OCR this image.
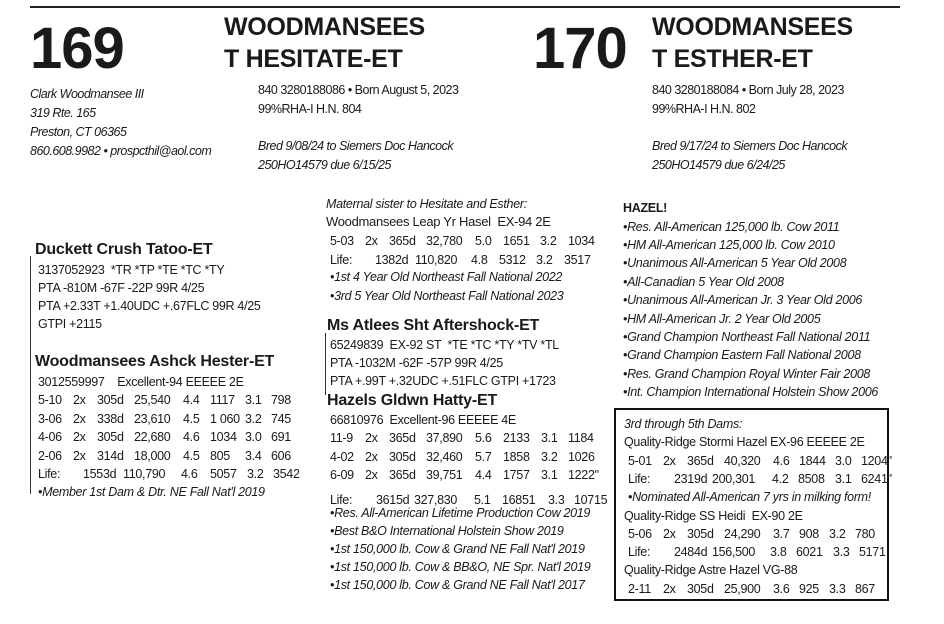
169	WOODMANSEES
T HESITATE-ET
840 3280188086 • Born August 5, 2023
99%RHA-I H.N. 804
Bred 9/08/24 to Siemers Doc Hancock
250HO14579 due 6/15/25
Clark Woodmansee III
319 Rte. 165
Preston, CT 06365
860.608.9982 • prospcthil@aol.com
170 WOODMANSEES
T ESTHER-ET
840 3280188084 • Born July 28, 2023
99%RHA-I H.N. 802
Bred 9/17/24 to Siemers Doc Hancock
250HO14579 due 6/24/25
Duckett Crush Tatoo-ET
3137052923  *TR *TP *TE *TC *TY
PTA -810M -67F -22P 99R 4/25
PTA +2.33T +1.40UDC +.67FLC 99R 4/25
GTPI +2115
Woodmansees Ashck Hester-ET
3012559997    Excellent-94 EEEEE 2E
5-10 2x 305d 25,540	4.4 1117 3.1 798
3-06 2x 338d 23,610	4.5 1 060 3.2 745
4-06 2x 305d 22,680	4.6 1034 3.0 691
2-06 2x 314d 18,000	4.5 805	3.4 606
Life:	1553d 110,790	4.6	5057 3.2 3542
•Member 1st Dam & Dtr. NE Fall Nat'l 2019
Maternal sister to Hesitate and Esther:
Woodmansees Leap Yr Hasel  EX-94 2E
5-03 2x 365d 32,780	5.0 1651 3.2 1034
Life:	1382d 110,820	4.8 5312 3.2 3517
•1st 4 Year Old Northeast Fall National 2022
•3rd 5 Year Old Northeast Fall National 2023
Ms Atlees Sht Aftershock-ET
65249839  EX-92 ST  *TE *TC *TY *TV *TL
PTA -1032M -62F -57P 99R 4/25
PTA +.99T +.32UDC +.51FLC GTPI +1723
Hazels Gldwn Hatty-ET
66810976  Excellent-96 EEEEE 4E
11-9 2x 365d 37,890	5.6 2133 3.1 1184
4-02 2x 305d 32,460	5.7 1858 3.2 1026
6-09 2x 365d 39,751	4.4 1757 3.1 1222"
Life:	3615d 327,830	5.1 16851	3.3 10715
•Res. All-American Lifetime Production Cow 2019
•Best B&O International Holstein Show 2019
•1st 150,000 lb. Cow & Grand NE Fall Nat'l 2019
•1st 150,000 lb. Cow & BB&O, NE Spr. Nat'l 2019
•1st 150,000 lb. Cow & Grand NE Fall Nat'l 2017
HAZEL!
•Res. All-American 125,000 lb. Cow 2011
•HM All-American 125,000 lb. Cow 2010
•Unanimous All-American 5 Year Old 2008
•All-Canadian 5 Year Old 2008
•Unanimous All-American Jr. 3 Year Old 2006
•HM All-American Jr. 2 Year Old 2005
•Grand Champion Northeast Fall National 2011
•Grand Champion Eastern Fall National 2008
•Res. Grand Champion Royal Winter Fair 2008
•Int. Champion International Holstein Show 2006
3rd through 5th Dams:
Quality-Ridge Stormi Hazel EX-96 EEEEE 2E
5-01 2x 365d 40,320	4.6 1844 3.0 1204"
Life:	2319d 200,301	4.2 8508 3.1 6241"
•Nominated All-American 7 yrs in milking form!
Quality-Ridge SS Heidi  EX-90 2E
5-06 2x 305d 24,290	3.7 908 3.2 780
Life:	2484d 156,500	3.8 6021 3.3 5171
Quality-Ridge Astre Hazel VG-88
2-11 2x 305d 25,900	3.6 925 3.3 867
